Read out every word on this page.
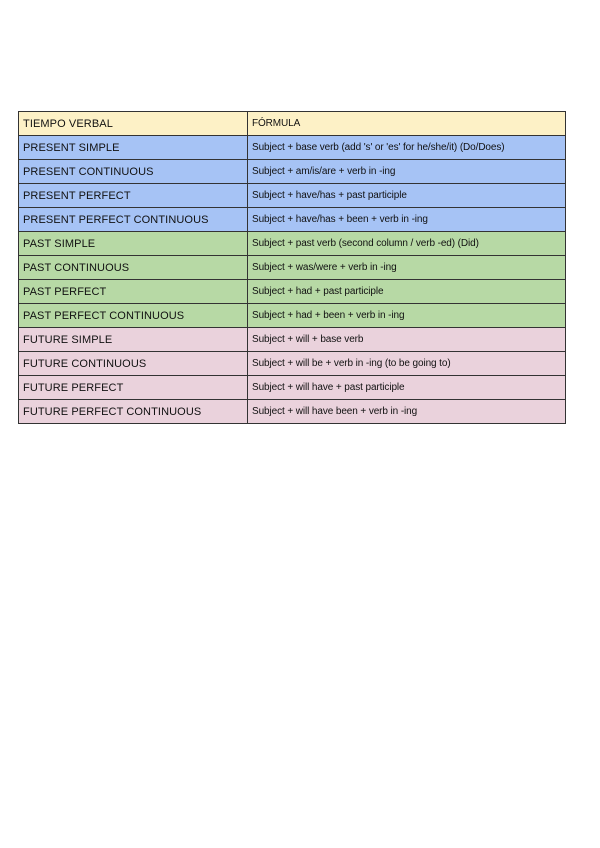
TIEMPO VERBAL	FÓRMULA
PRESENT SIMPLE	Subject + base verb (add 's' or 'es' for he/she/it) (Do/Does)
PRESENT CONTINUOUS	Subject + am/is/are + verb in -ing
PRESENT PERFECT	Subject + have/has + past participle
PRESENT PERFECT CONTINUOUS	Subject + have/has + been + verb in -ing
PAST SIMPLE	Subject + past verb (second column / verb -ed) (Did)
PAST CONTINUOUS	Subject + was/were + verb in -ing
PAST PERFECT	Subject + had + past participle
PAST PERFECT CONTINUOUS	Subject + had + been + verb in -ing
FUTURE SIMPLE	Subject + will + base verb
FUTURE CONTINUOUS	Subject + will be + verb in -ing (to be going to)
FUTURE PERFECT	Subject + will have + past participle
FUTURE PERFECT CONTINUOUS	Subject + will have been + verb in -ing
